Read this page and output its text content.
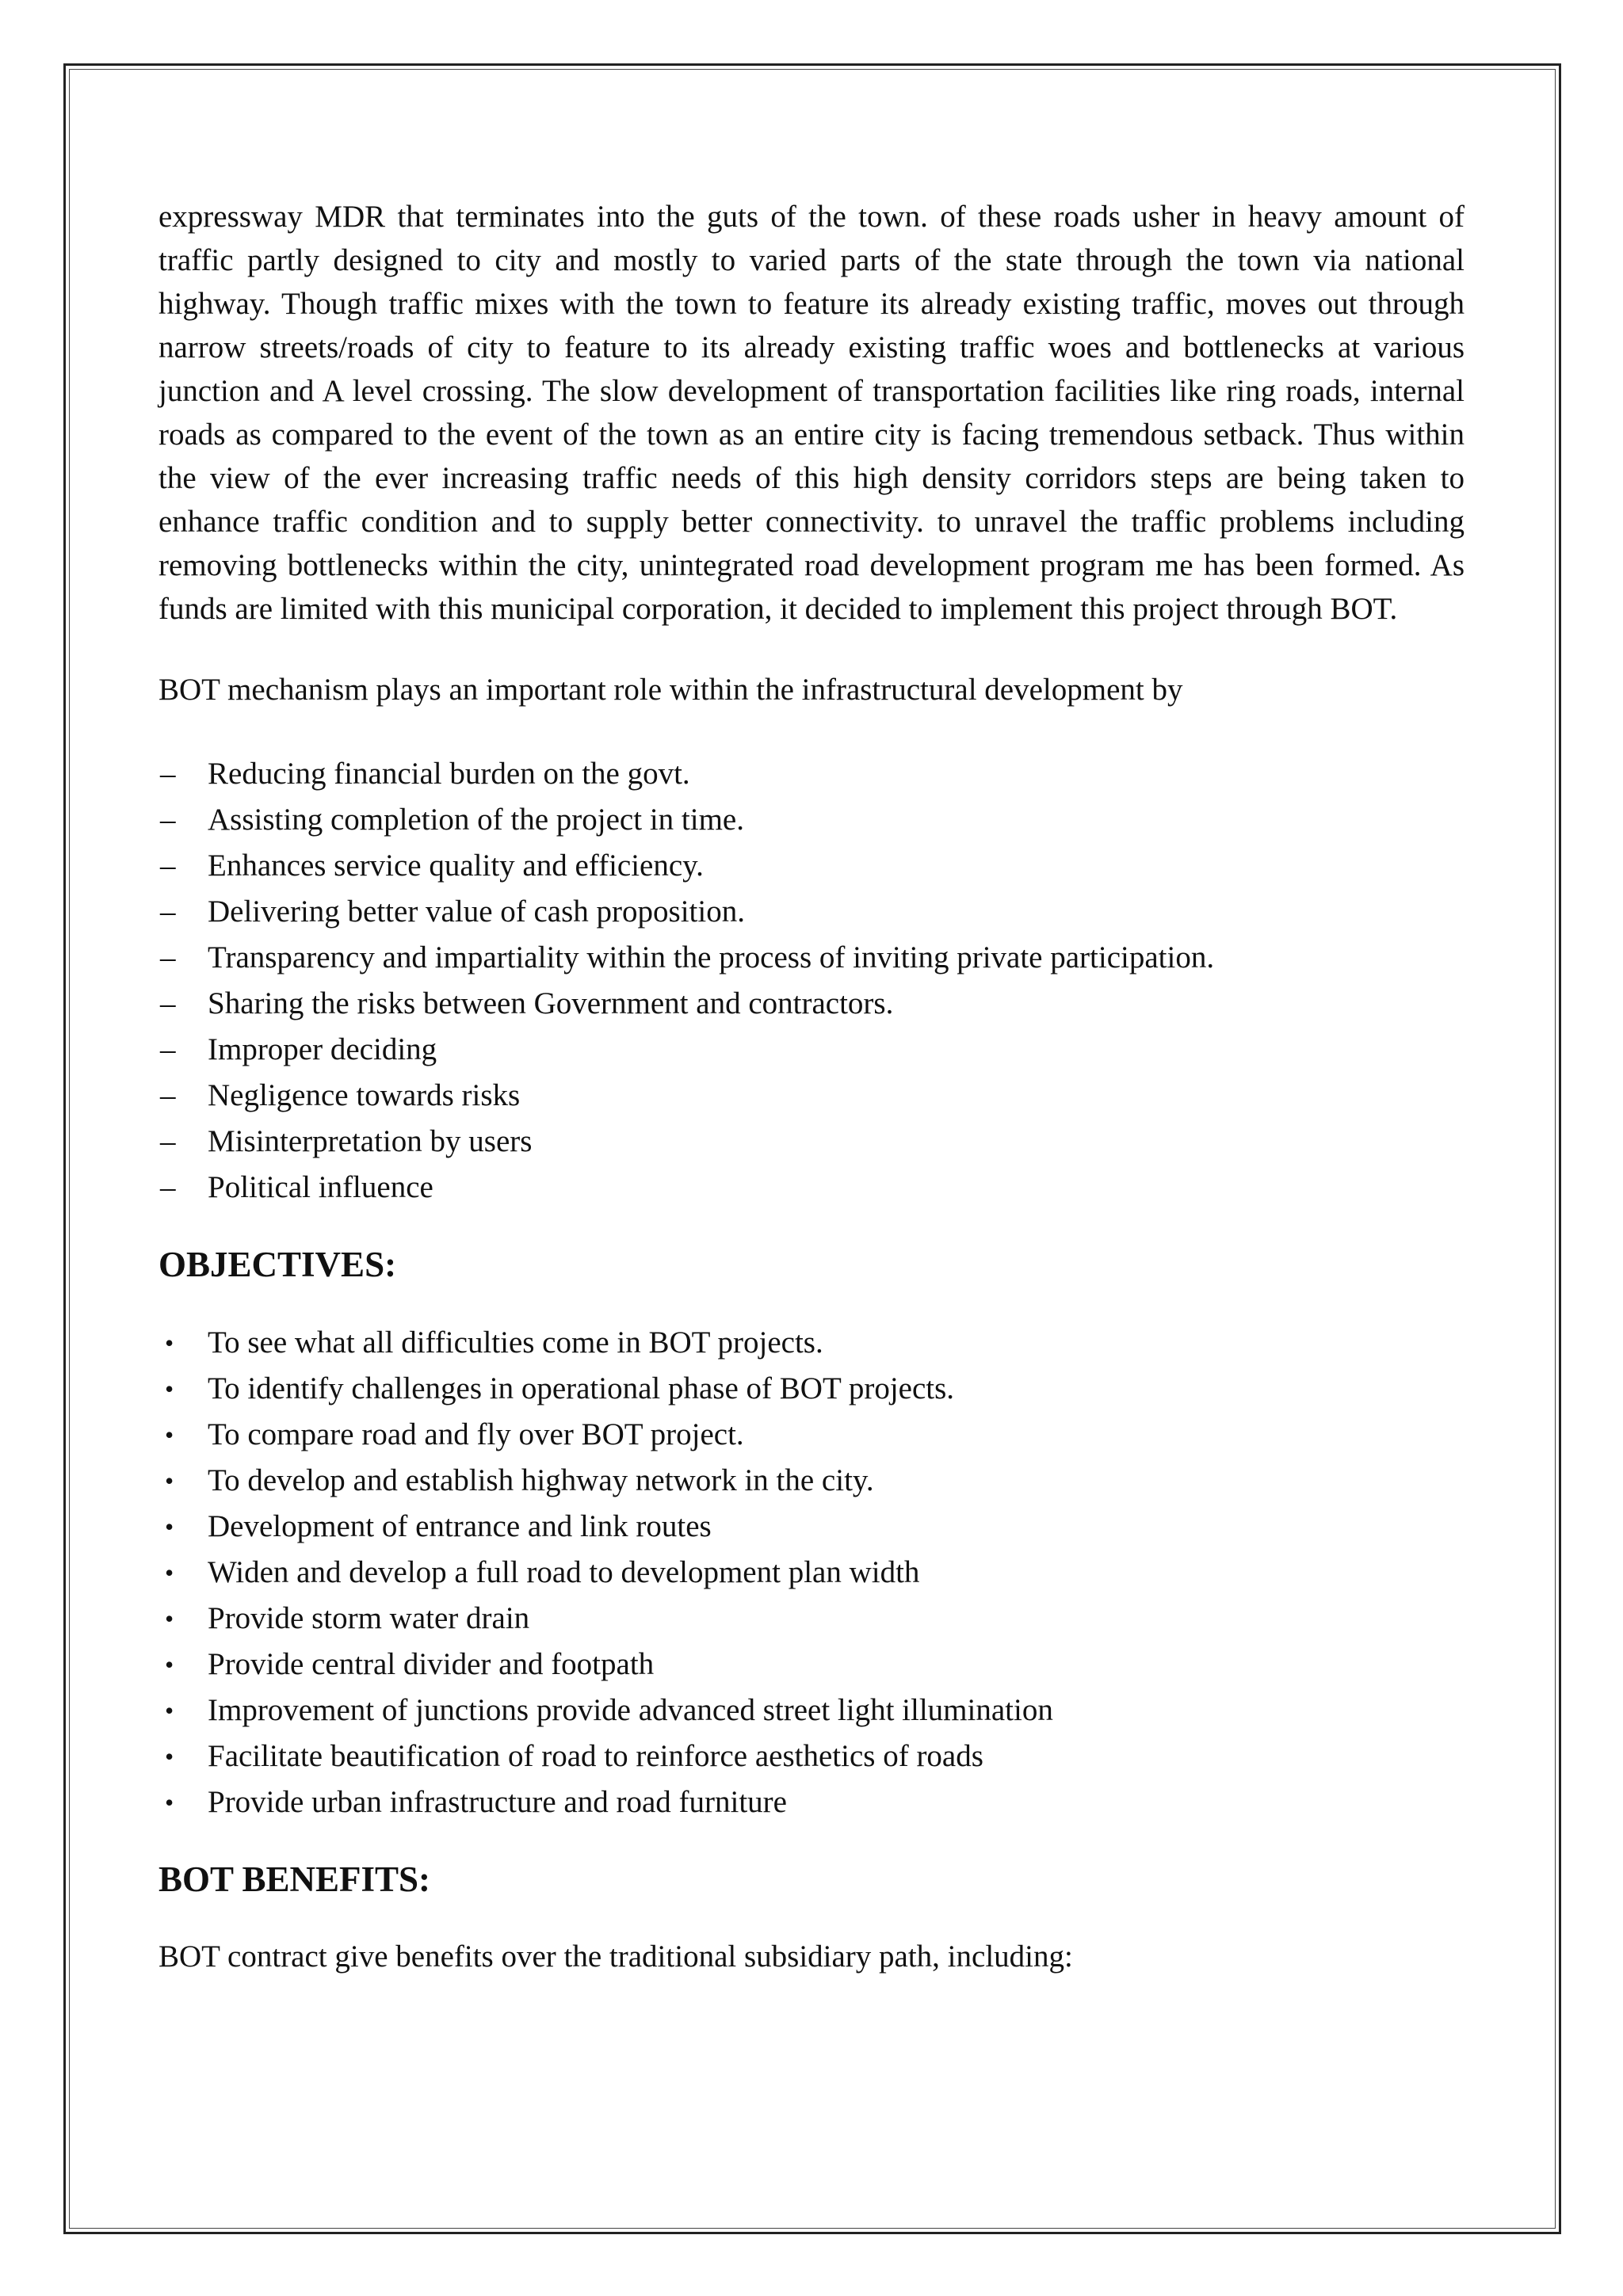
expressway MDR that terminates into the guts of the town. of these roads usher in heavy amount of traffic partly designed to city and mostly to varied parts of the state through the town via national highway. Though traffic mixes with the town to feature its already existing traffic, moves out through narrow streets/roads of city to feature to its already existing traffic woes and bottlenecks at various junction and A level crossing. The slow development of transportation facilities like ring roads, internal roads as compared to the event of the town as an entire city is facing tremendous setback. Thus within the view of the ever increasing traffic needs of this high density corridors steps are being taken to enhance traffic condition and to supply better connectivity. to unravel the traffic problems including removing bottlenecks within the city, unintegrated road development program me has been formed. As funds are limited with this municipal corporation, it decided to implement this project through BOT.

BOT mechanism plays an important role within the infrastructural development by

– Reducing financial burden on the govt.
– Assisting completion of the project in time.
– Enhances service quality and efficiency.
– Delivering better value of cash proposition.
– Transparency and impartiality within the process of inviting private participation.
– Sharing the risks between Government and contractors.
– Improper deciding
– Negligence towards risks
– Misinterpretation by users
– Political influence
OBJECTIVES:
• To see what all difficulties come in BOT projects.
• To identify challenges in operational phase of BOT projects.
• To compare road and fly over BOT project.
• To develop and establish highway network in the city.
• Development of entrance and link routes
• Widen and develop a full road to development plan width
• Provide storm water drain
• Provide central divider and footpath
• Improvement of junctions provide advanced street light illumination
• Facilitate beautification of road to reinforce aesthetics of roads
• Provide urban infrastructure and road furniture
BOT BENEFITS:

BOT contract give benefits over the traditional subsidiary path, including:
